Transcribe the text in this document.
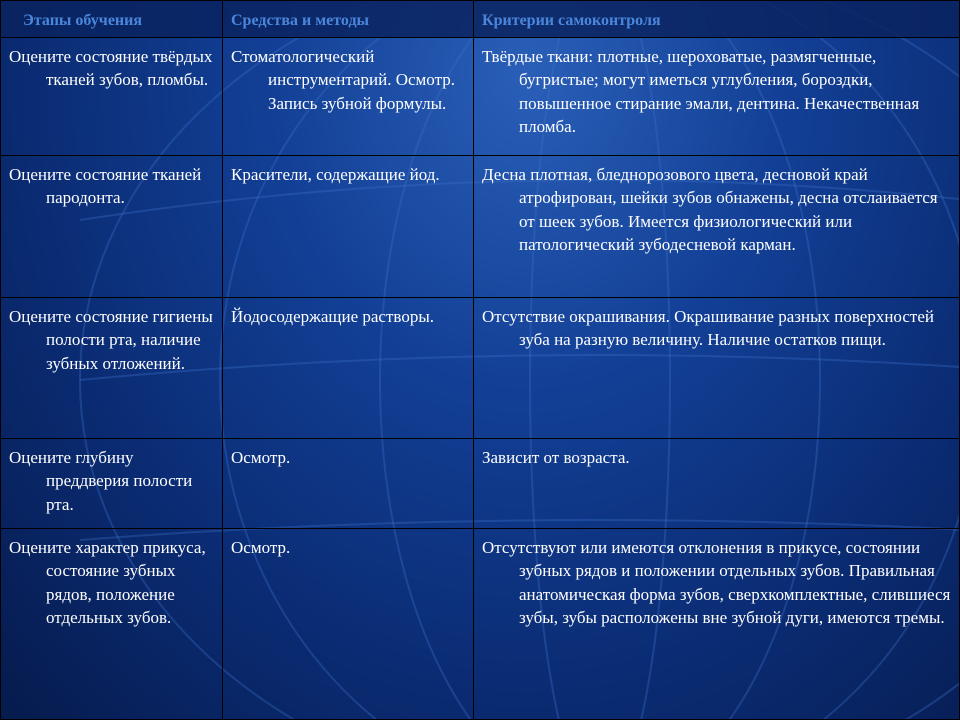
Этапы обучения	Средства и методы	Критерии самоконтроля

Оцените состояние твёрдых тканей зубов, пломбы.	Стоматологический инструментарий. Осмотр. Запись зубной формулы.	Твёрдые ткани: плотные, шероховатые, размягченные, бугристые; могут иметься углубления, бороздки, повышенное стирание эмали, дентина. Некачественная пломба.

Оцените состояние тканей пародонта.	Красители, содержащие йод.	Десна плотная, бледнорозового цвета, десновой край атрофирован, шейки зубов обнажены, десна отслаивается от шеек зубов. Имеется физиологический или патологический зубодесневой карман.

Оцените состояние гигиены полости рта, наличие зубных отложений.	Йодосодержащие растворы.	Отсутствие окрашивания. Окрашивание разных поверхностей зуба на разную величину. Наличие остатков пищи.

Оцените глубину преддверия полости рта.	Осмотр.	Зависит от возраста.

Оцените характер прикуса, состояние зубных рядов, положение отдельных зубов.	Осмотр.	Отсутствуют или имеются отклонения в прикусе, состоянии зубных рядов и положении отдельных зубов. Правильная анатомическая форма зубов, сверхкомплектные, слившиеся зубы, зубы расположены вне зубной дуги, имеются тремы.
